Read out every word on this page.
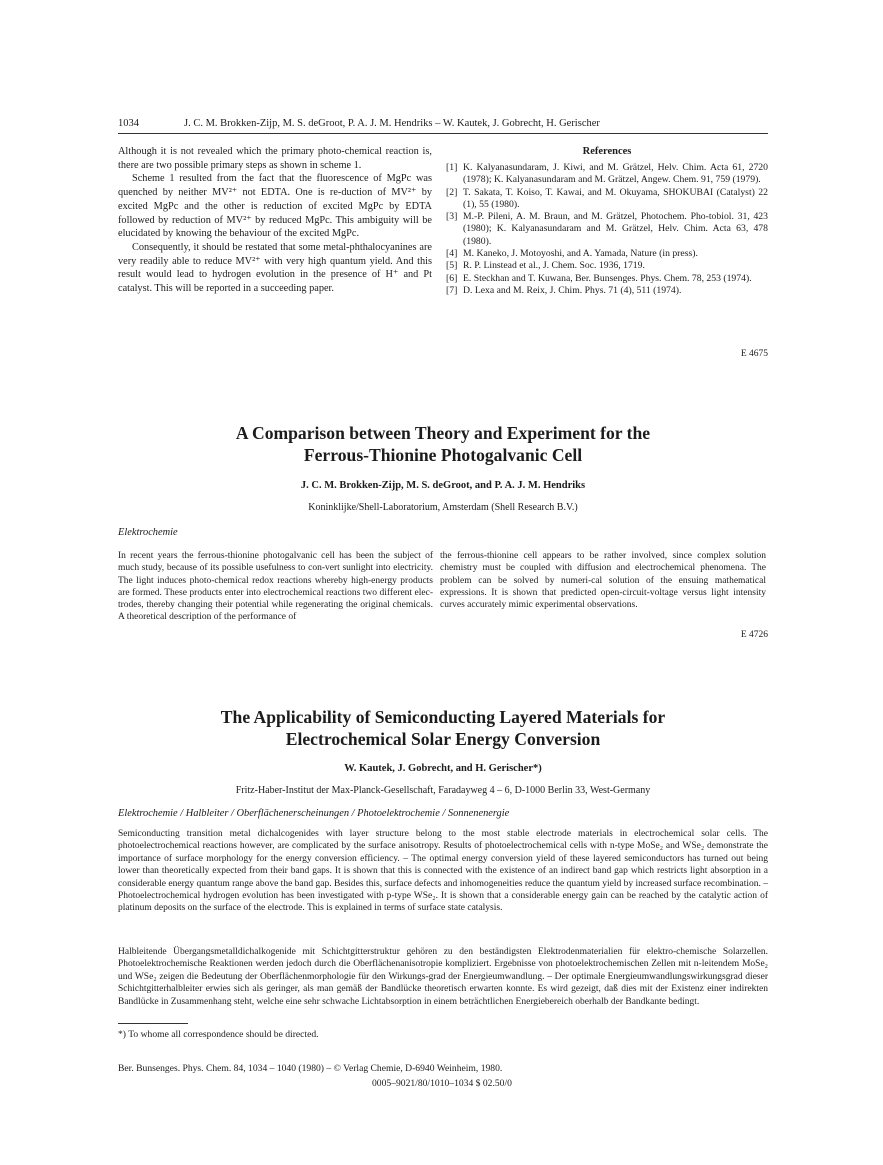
1034	J. C. M. Brokken-Zijp, M. S. deGroot, P. A. J. M. Hendriks – W. Kautek, J. Gobrecht, H. Gerischer

Although it is not revealed which the primary photo-chemical reaction is, there are two possible primary steps as shown in scheme 1.

Scheme 1 resulted from the fact that the fluorescence of MgPc was quenched by neither MV²⁺ not EDTA. One is re-duction of MV²⁺ by excited MgPc and the other is reduction of excited MgPc by EDTA followed by reduction of MV²⁺ by reduced MgPc. This ambiguity will be elucidated by knowing the behaviour of the excited MgPc.

Consequently, it should be restated that some metal-phthalocyanines are very readily able to reduce MV²⁺ with very high quantum yield. And this result would lead to hydrogen evolution in the presence of H⁺ and Pt catalyst. This will be reported in a succeeding paper.

References
[1] K. Kalyanasundaram, J. Kiwi, and M. Grätzel, Helv. Chim. Acta 61, 2720 (1978); K. Kalyanasundaram and M. Grätzel, Angew. Chem. 91, 759 (1979).
[2] T. Sakata, T. Koiso, T. Kawai, and M. Okuyama, SHOKUBAI (Catalyst) 22 (1), 55 (1980).
[3] M.-P. Pileni, A. M. Braun, and M. Grätzel, Photochem. Pho-tobiol. 31, 423 (1980); K. Kalyanasundaram and M. Grätzel, Helv. Chim. Acta 63, 478 (1980).
[4] M. Kaneko, J. Motoyoshi, and A. Yamada, Nature (in press).
[5] R. P. Linstead et al., J. Chem. Soc. 1936, 1719.
[6] E. Steckhan and T. Kuwana, Ber. Bunsenges. Phys. Chem. 78, 253 (1974).
[7] D. Lexa and M. Reix, J. Chim. Phys. 71 (4), 511 (1974).
E 4675
A Comparison between Theory and Experiment for the
Ferrous-Thionine Photogalvanic Cell
J. C. M. Brokken-Zijp, M. S. deGroot, and P. A. J. M. Hendriks
Koninklijke/Shell-Laboratorium, Amsterdam (Shell Research B.V.)
Elektrochemie
In recent years the ferrous-thionine photogalvanic cell has been the subject of much study, because of its possible usefulness to con-vert sunlight into electricity. The light induces photo-chemical redox reactions whereby high-energy products are formed. These products enter into electrochemical reactions two different elec-trodes, thereby changing their potential while regenerating the original chemicals. A theoretical description of the performance of
the ferrous-thionine cell appears to be rather involved, since complex solution chemistry must be coupled with diffusion and electrochemical phenomena. The problem can be solved by numeri-cal solution of the ensuing mathematical expressions. It is shown that predicted open-circuit-voltage versus light intensity curves accurately mimic experimental observations.
E 4726
The Applicability of Semiconducting Layered Materials for
Electrochemical Solar Energy Conversion
W. Kautek, J. Gobrecht, and H. Gerischer*)
Fritz-Haber-Institut der Max-Planck-Gesellschaft, Faradayweg 4 – 6, D-1000 Berlin 33, West-Germany
Elektrochemie / Halbleiter / Oberflächenerscheinungen / Photoelektrochemie / Sonnenenergie
Semiconducting transition metal dichalcogenides with layer structure belong to the most stable electrode materials in electrochemical solar cells. The photoelectrochemical reactions however, are complicated by the surface anisotropy. Results of photoelectrochemical cells with n-type MoSe₂ and WSe₂ demonstrate the importance of surface morphology for the energy conversion efficiency. – The optimal energy conversion yield of these layered semiconductors has turned out being lower than theoretically expected from their band gaps. It is shown that this is connected with the existence of an indirect band gap which restricts light absorption in a considerable energy quantum range above the band gap. Besides this, surface defects and inhomogeneities reduce the quantum yield by increased surface recombination. – Photoelectrochemical hydrogen evolution has been investigated with p-type WSe₂. It is shown that a considerable energy gain can be reached by the catalytic action of platinum deposits on the surface of the electrode. This is explained in terms of surface state catalysis.
Halbleitende Übergangsmetalldichalkogenide mit Schichtgitterstruktur gehören zu den beständigsten Elektrodenmaterialien für elektro-chemische Solarzellen. Photoelektrochemische Reaktionen werden jedoch durch die Oberflächenanisotropie kompliziert. Ergebnisse von photoelektrochemischen Zellen mit n-leitendem MoSe₂ und WSe₂ zeigen die Bedeutung der Oberflächenmorphologie für den Wirkungs-grad der Energieumwandlung. – Der optimale Energieumwandlungswirkungsgrad dieser Schichtgitterhalbleiter erwies sich als geringer, als man gemäß der Bandlücke theoretisch erwarten konnte. Es wird gezeigt, daß dies mit der Existenz einer indirekten Bandlücke in Zusammenhang steht, welche eine sehr schwache Lichtabsorption in einem beträchtlichen Energiebereich oberhalb der Bandkante bedingt.
*) To whome all correspondence should be directed.
Ber. Bunsenges. Phys. Chem. 84, 1034 – 1040 (1980) – © Verlag Chemie, D-6940 Weinheim, 1980.
0005–9021/80/1010–1034 $ 02.50/0
